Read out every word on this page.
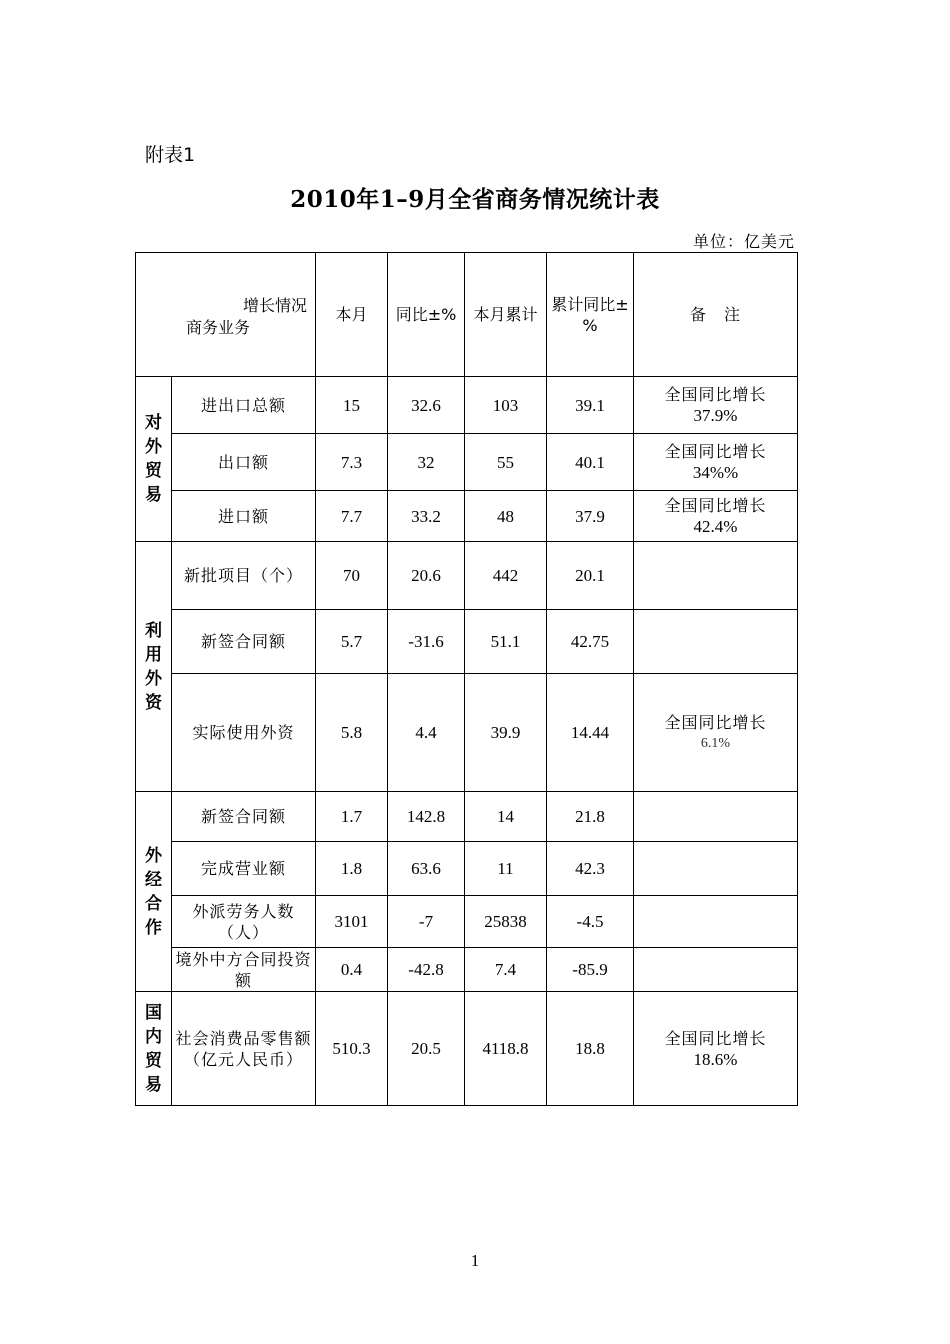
附表1
2010年1–9月全省商务情况统计表
单位：亿美元
增长情况
商务业务		本月	同比±%	本月累计	累计同比±%	备　注

对
外
贸
易	进出口总额	15	32.6	103	39.1	全国同比增长
37.9%

	出口额	7.3	32	55	40.1	全国同比增长
34%%

	进口额	7.7	33.2	48	37.9	全国同比增长
42.4%

利
用
外
资	新批项目（个）	70	20.6	442	20.1	

	新签合同额	5.7	-31.6	51.1	42.75	

	实际使用外资	5.8	4.4	39.9	14.44	全国同比增长
6.1%

外
经
合
作	新签合同额	1.7	142.8	14	21.8	
	完成营业额	1.8	63.6	11	42.3	
	外派劳务人数（人）	3101	-7	25838	-4.5	
	境外中方合同投资额	0.4	-42.8	7.4	-85.9	

国
内
贸
易	社会消费品零售额（亿元人民币）	510.3	20.5	4118.8	18.8	全国同比增长
18.6%
1
